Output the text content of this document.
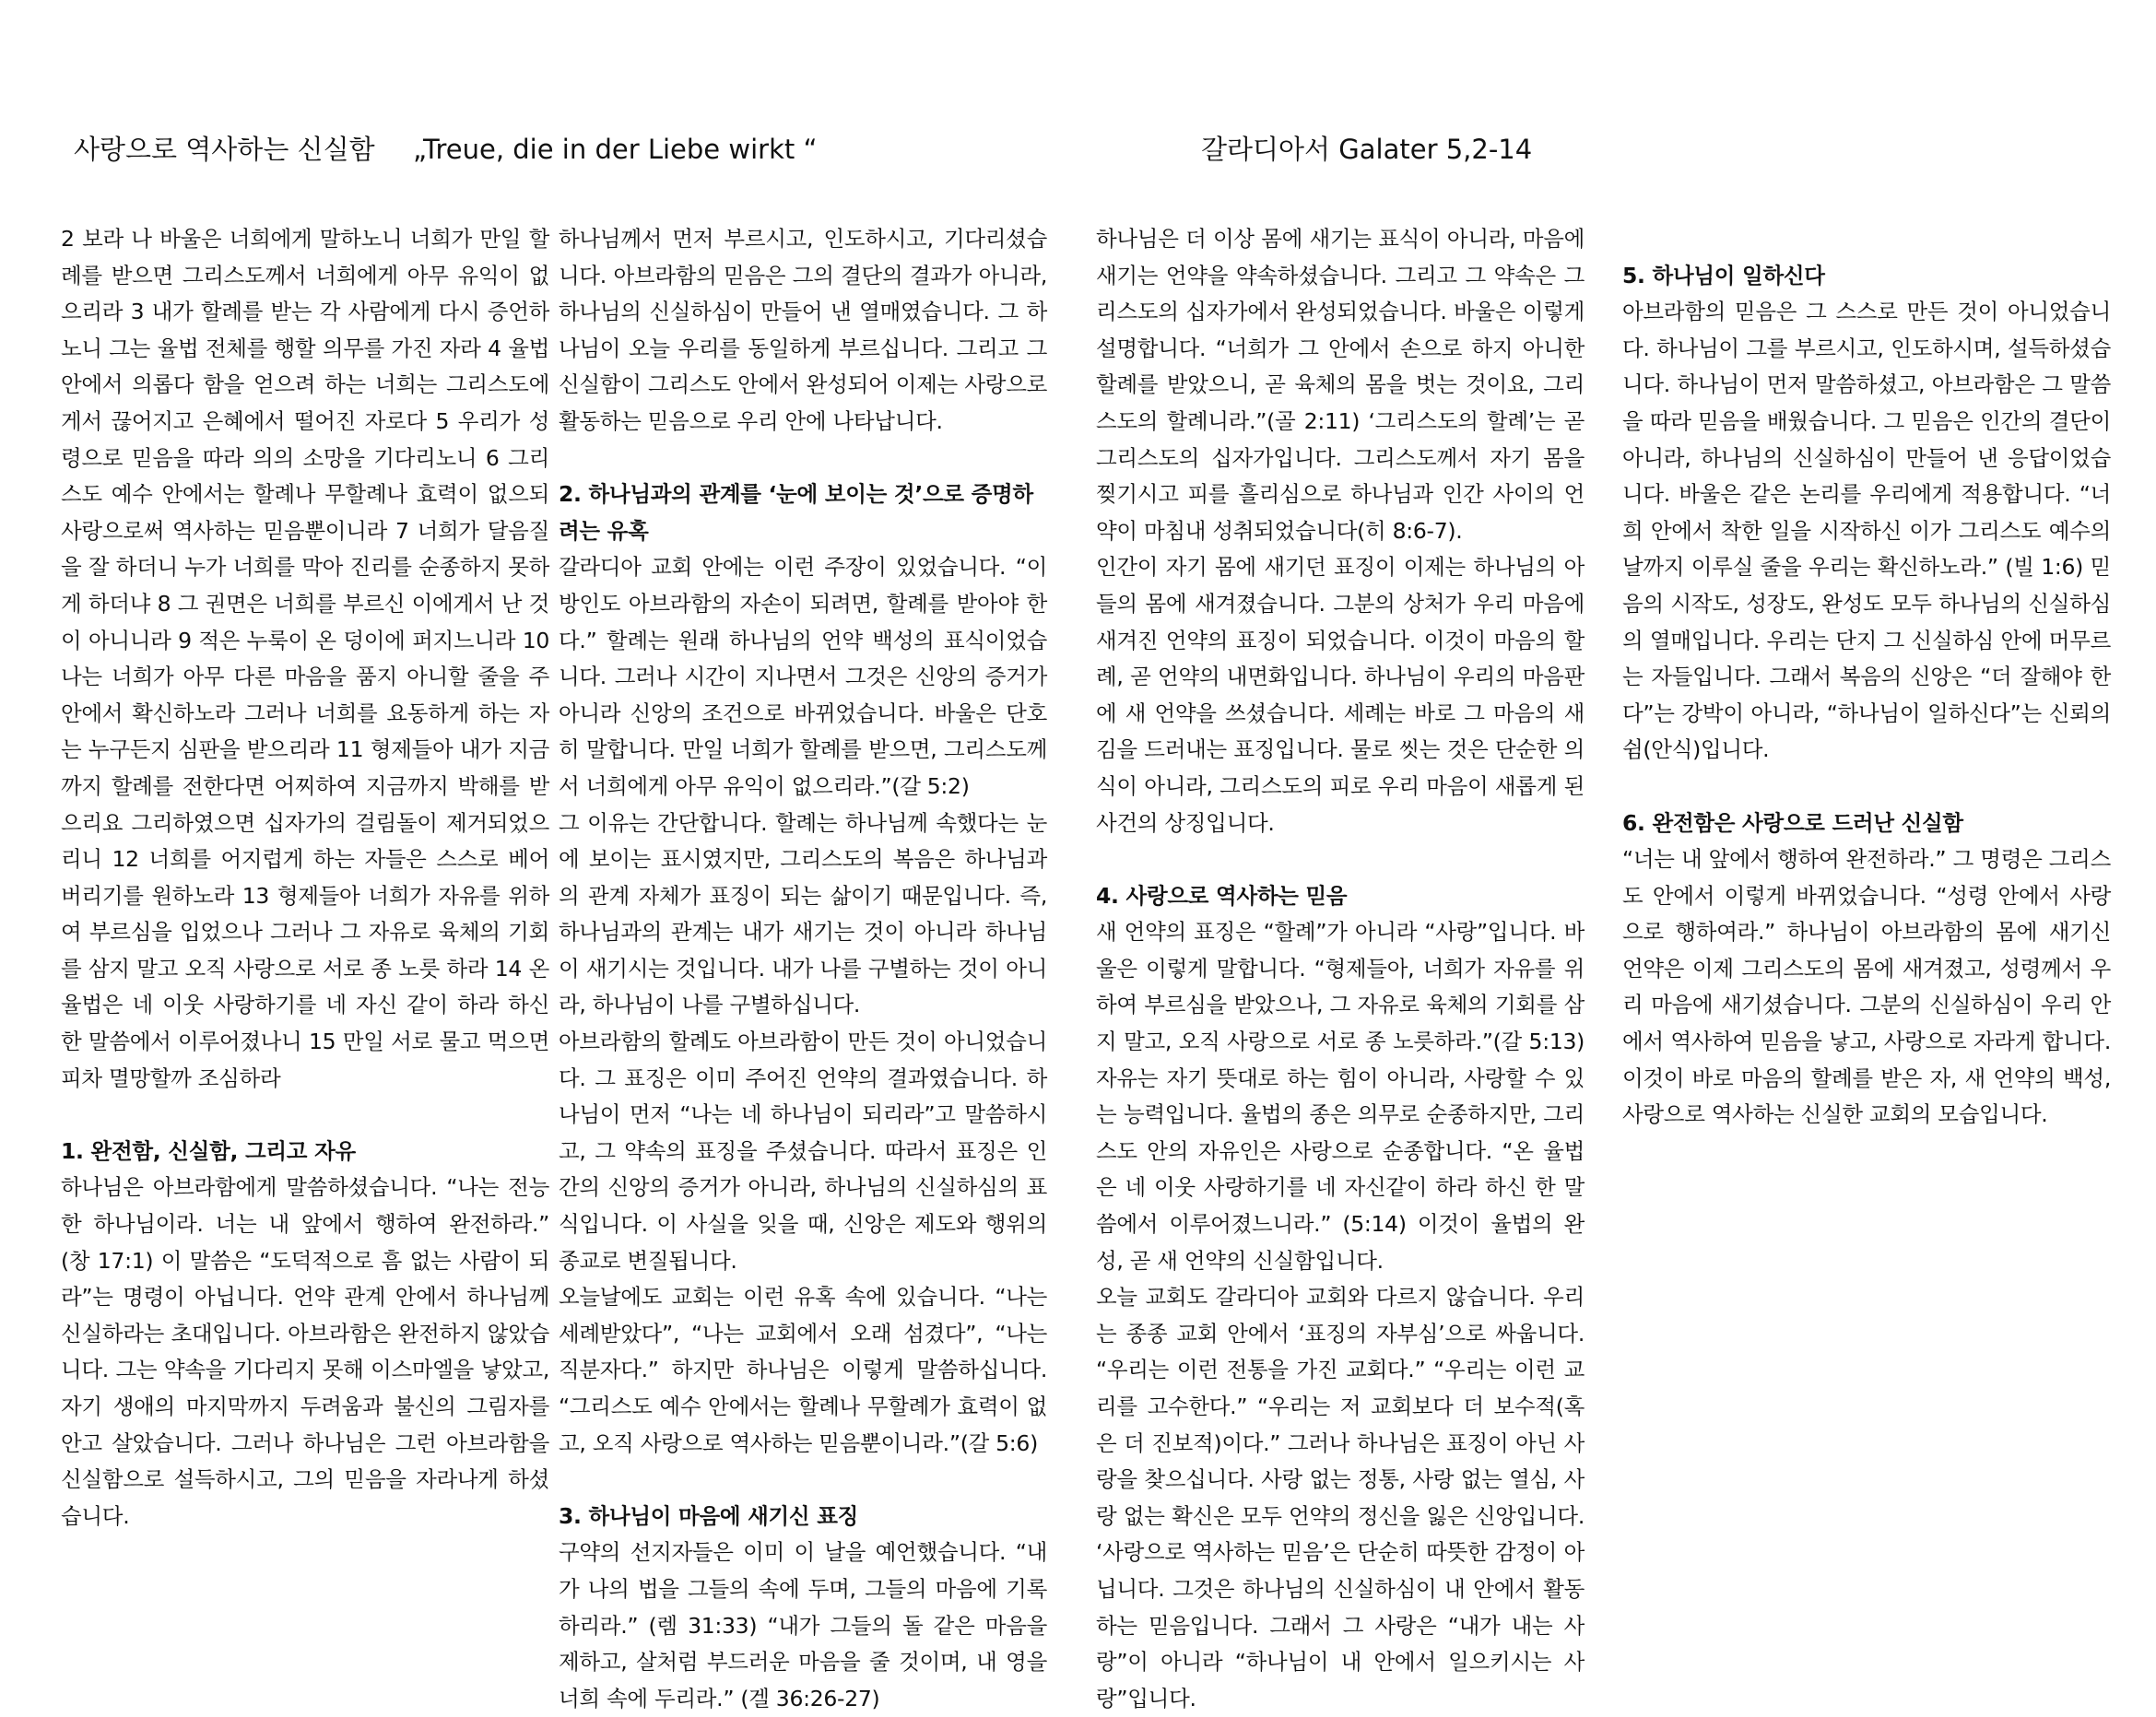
사랑으로 역사하는 신실함 „Treue, die in der Liebe wirkt “	갈라디아서 Galater 5,2-14

2 보라 나 바울은 너희에게 말하노니 너희가 만일 할례를 받으면 그리스도께서 너희에게 아무 유익이 없으리라 3 내가 할례를 받는 각 사람에게 다시 증언하노니 그는 율법 전체를 행할 의무를 가진 자라 4 율법 안에서 의롭다 함을 얻으려 하는 너희는 그리스도에게서 끊어지고 은혜에서 떨어진 자로다 5 우리가 성령으로 믿음을 따라 의의 소망을 기다리노니 6 그리스도 예수 안에서는 할례나 무할례나 효력이 없으되 사랑으로써 역사하는 믿음뿐이니라 7 너희가 달음질을 잘 하더니 누가 너희를 막아 진리를 순종하지 못하게 하더냐 8 그 권면은 너희를 부르신 이에게서 난 것이 아니니라 9 적은 누룩이 온 덩이에 퍼지느니라 10 나는 너희가 아무 다른 마음을 품지 아니할 줄을 주 안에서 확신하노라 그러나 너희를 요동하게 하는 자는 누구든지 심판을 받으리라 11 형제들아 내가 지금까지 할례를 전한다면 어찌하여 지금까지 박해를 받으리요 그리하였으면 십자가의 걸림돌이 제거되었으리니 12 너희를 어지럽게 하는 자들은 스스로 베어 버리기를 원하노라 13 형제들아 너희가 자유를 위하여 부르심을 입었으나 그러나 그 자유로 육체의 기회를 삼지 말고 오직 사랑으로 서로 종 노릇 하라 14 온 율법은 네 이웃 사랑하기를 네 자신 같이 하라 하신 한 말씀에서 이루어졌나니 15 만일 서로 물고 먹으면 피차 멸망할까 조심하라

1. 완전함, 신실함, 그리고 자유

하나님은 아브라함에게 말씀하셨습니다. “나는 전능한 하나님이라. 너는 내 앞에서 행하여 완전하라.” (창 17:1) 이 말씀은 “도덕적으로 흠 없는 사람이 되라”는 명령이 아닙니다. 언약 관계 안에서 하나님께 신실하라는 초대입니다. 아브라함은 완전하지 않았습니다. 그는 약속을 기다리지 못해 이스마엘을 낳았고, 자기 생애의 마지막까지 두려움과 불신의 그림자를 안고 살았습니다. 그러나 하나님은 그런 아브라함을 신실함으로 설득하시고, 그의 믿음을 자라나게 하셨습니다.

하나님께서 먼저 부르시고, 인도하시고, 기다리셨습니다. 아브라함의 믿음은 그의 결단의 결과가 아니라, 하나님의 신실하심이 만들어 낸 열매였습니다. 그 하나님이 오늘 우리를 동일하게 부르십니다. 그리고 그 신실함이 그리스도 안에서 완성되어 이제는 사랑으로 활동하는 믿음으로 우리 안에 나타납니다.

2. 하나님과의 관계를 ‘눈에 보이는 것’으로 증명하려는 유혹

갈라디아 교회 안에는 이런 주장이 있었습니다. “이방인도 아브라함의 자손이 되려면, 할례를 받아야 한다.” 할례는 원래 하나님의 언약 백성의 표식이었습니다. 그러나 시간이 지나면서 그것은 신앙의 증거가 아니라 신앙의 조건으로 바뀌었습니다. 바울은 단호히 말합니다. 만일 너희가 할례를 받으면, 그리스도께서 너희에게 아무 유익이 없으리라.”(갈 5:2)

그 이유는 간단합니다. 할례는 하나님께 속했다는 눈에 보이는 표시였지만, 그리스도의 복음은 하나님과의 관계 자체가 표징이 되는 삶이기 때문입니다. 즉, 하나님과의 관계는 내가 새기는 것이 아니라 하나님이 새기시는 것입니다. 내가 나를 구별하는 것이 아니라, 하나님이 나를 구별하십니다.

아브라함의 할례도 아브라함이 만든 것이 아니었습니다. 그 표징은 이미 주어진 언약의 결과였습니다. 하나님이 먼저 “나는 네 하나님이 되리라”고 말씀하시고, 그 약속의 표징을 주셨습니다. 따라서 표징은 인간의 신앙의 증거가 아니라, 하나님의 신실하심의 표식입니다. 이 사실을 잊을 때, 신앙은 제도와 행위의 종교로 변질됩니다.

오늘날에도 교회는 이런 유혹 속에 있습니다. “나는 세례받았다”, “나는 교회에서 오래 섬겼다”, “나는 직분자다.” 하지만 하나님은 이렇게 말씀하십니다. “그리스도 예수 안에서는 할례나 무할례가 효력이 없고, 오직 사랑으로 역사하는 믿음뿐이니라.”(갈 5:6)

3. 하나님이 마음에 새기신 표징

구약의 선지자들은 이미 이 날을 예언했습니다. “내가 나의 법을 그들의 속에 두며, 그들의 마음에 기록하리라.” (렘 31:33) “내가 그들의 돌 같은 마음을 제하고, 살처럼 부드러운 마음을 줄 것이며, 내 영을 너희 속에 두리라.” (겔 36:26-27)

하나님은 더 이상 몸에 새기는 표식이 아니라, 마음에 새기는 언약을 약속하셨습니다. 그리고 그 약속은 그리스도의 십자가에서 완성되었습니다. 바울은 이렇게 설명합니다. “너희가 그 안에서 손으로 하지 아니한 할례를 받았으니, 곧 육체의 몸을 벗는 것이요, 그리스도의 할례니라.”(골 2:11) ‘그리스도의 할례’는 곧 그리스도의 십자가입니다. 그리스도께서 자기 몸을 찢기시고 피를 흘리심으로 하나님과 인간 사이의 언약이 마침내 성취되었습니다(히 8:6-7).

인간이 자기 몸에 새기던 표징이 이제는 하나님의 아들의 몸에 새겨졌습니다. 그분의 상처가 우리 마음에 새겨진 언약의 표징이 되었습니다. 이것이 마음의 할례, 곧 언약의 내면화입니다. 하나님이 우리의 마음판에 새 언약을 쓰셨습니다. 세례는 바로 그 마음의 새김을 드러내는 표징입니다. 물로 씻는 것은 단순한 의식이 아니라, 그리스도의 피로 우리 마음이 새롭게 된 사건의 상징입니다.

4. 사랑으로 역사하는 믿음

새 언약의 표징은 “할례”가 아니라 “사랑”입니다. 바울은 이렇게 말합니다. “형제들아, 너희가 자유를 위하여 부르심을 받았으나, 그 자유로 육체의 기회를 삼지 말고, 오직 사랑으로 서로 종 노릇하라.”(갈 5:13) 자유는 자기 뜻대로 하는 힘이 아니라, 사랑할 수 있는 능력입니다. 율법의 종은 의무로 순종하지만, 그리스도 안의 자유인은 사랑으로 순종합니다. “온 율법은 네 이웃 사랑하기를 네 자신같이 하라 하신 한 말씀에서 이루어졌느니라.” (5:14) 이것이 율법의 완성, 곧 새 언약의 신실함입니다.

오늘 교회도 갈라디아 교회와 다르지 않습니다. 우리는 종종 교회 안에서 ‘표징의 자부심’으로 싸웁니다. “우리는 이런 전통을 가진 교회다.” “우리는 이런 교리를 고수한다.” “우리는 저 교회보다 더 보수적(혹은 더 진보적)이다.” 그러나 하나님은 표징이 아닌 사랑을 찾으십니다. 사랑 없는 정통, 사랑 없는 열심, 사랑 없는 확신은 모두 언약의 정신을 잃은 신앙입니다. ‘사랑으로 역사하는 믿음’은 단순히 따뜻한 감정이 아닙니다. 그것은 하나님의 신실하심이 내 안에서 활동하는 믿음입니다. 그래서 그 사랑은 “내가 내는 사랑”이 아니라 “하나님이 내 안에서 일으키시는 사랑”입니다.

5. 하나님이 일하신다

아브라함의 믿음은 그 스스로 만든 것이 아니었습니다. 하나님이 그를 부르시고, 인도하시며, 설득하셨습니다. 하나님이 먼저 말씀하셨고, 아브라함은 그 말씀을 따라 믿음을 배웠습니다. 그 믿음은 인간의 결단이 아니라, 하나님의 신실하심이 만들어 낸 응답이었습니다. 바울은 같은 논리를 우리에게 적용합니다. “너희 안에서 착한 일을 시작하신 이가 그리스도 예수의 날까지 이루실 줄을 우리는 확신하노라.” (빌 1:6) 믿음의 시작도, 성장도, 완성도 모두 하나님의 신실하심의 열매입니다. 우리는 단지 그 신실하심 안에 머무르는 자들입니다. 그래서 복음의 신앙은 “더 잘해야 한다”는 강박이 아니라, “하나님이 일하신다”는 신뢰의 쉼(안식)입니다.

6. 완전함은 사랑으로 드러난 신실함

“너는 내 앞에서 행하여 완전하라.” 그 명령은 그리스도 안에서 이렇게 바뀌었습니다. “성령 안에서 사랑으로 행하여라.” 하나님이 아브라함의 몸에 새기신 언약은 이제 그리스도의 몸에 새겨졌고, 성령께서 우리 마음에 새기셨습니다. 그분의 신실하심이 우리 안에서 역사하여 믿음을 낳고, 사랑으로 자라게 합니다. 이것이 바로 마음의 할례를 받은 자, 새 언약의 백성, 사랑으로 역사하는 신실한 교회의 모습입니다.
